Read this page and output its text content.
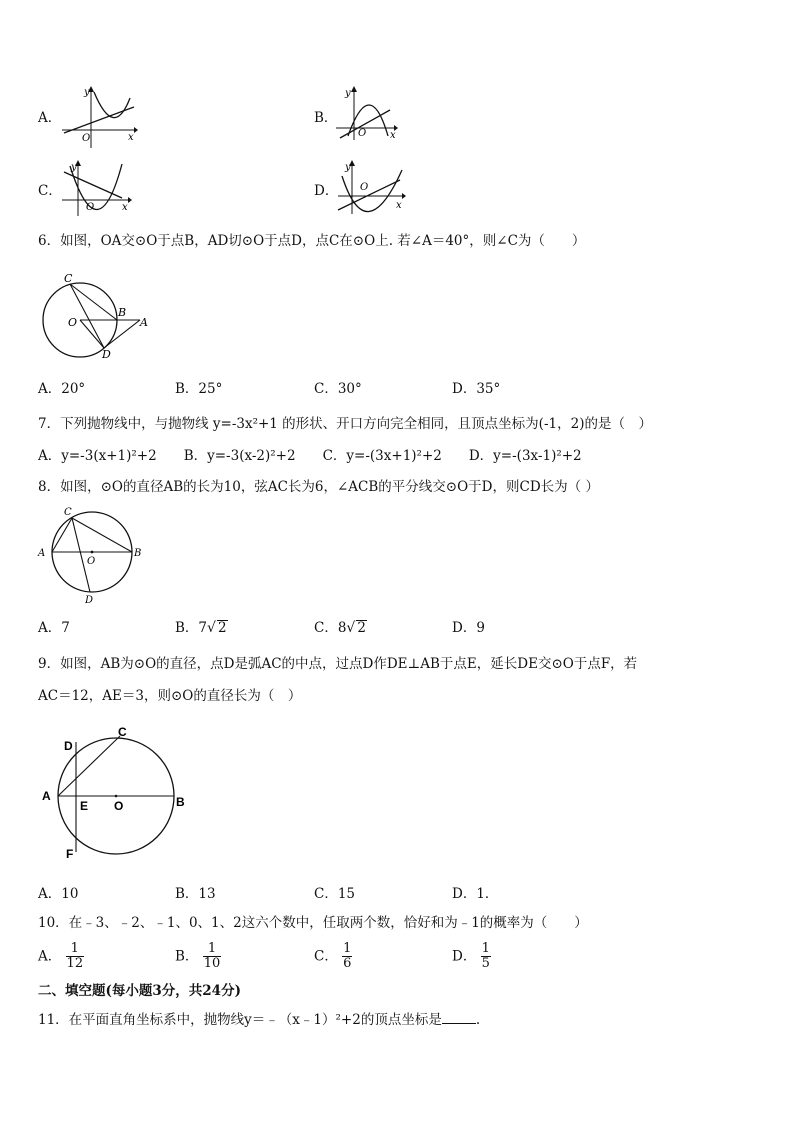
A．
y
x
O
B．
y
x
O
C．
y
x
O
D．
y
x
O
6．如图，OA交⊙O于点B，AD切⊙O于点D，点C在⊙O上. 若∠A＝40°，则∠C为（　　）
C
O
B
A
D
A．20°	B．25°	C．30°	D．35°
7．下列抛物线中，与抛物线 y=-3x²+1 的形状、开口方向完全相同，且顶点坐标为(-1，2)的是（　）
A．y=-3(x+1)²+2　　B．y=-3(x-2)²+2　　C．y=-(3x+1)²+2　　D．y=-(3x-1)²+2
8．如图，⊙O的直径AB的长为10，弦AC长为6，∠ACB的平分线交⊙O于D，则CD长为（ ）
C
A	B
O
D
A．7	B．7√ 2	C．8√ 2	D．9
9．如图，AB为⊙O的直径，点D是弧AC的中点，过点D作DE⊥AB于点E，延长DE交⊙O于点F，若
AC＝12，AE＝3，则⊙O的直径长为（　）
D
C
A
E O	B
F
A．10	B．13	C．15	D．1．
10．在﹣3、﹣2、﹣1、0、1、2这六个数中，任取两个数，恰好和为﹣1的概率为（　　）
A． $\frac{1}{12}$	B． $\frac{1}{10}$	C． $\frac{1}{6}$	D． $\frac{1}{5}$
二、填空题(每小题3分，共24分)
11．在平面直角坐标系中，抛物线y＝﹣（x﹣1）²+2的顶点坐标是	.
